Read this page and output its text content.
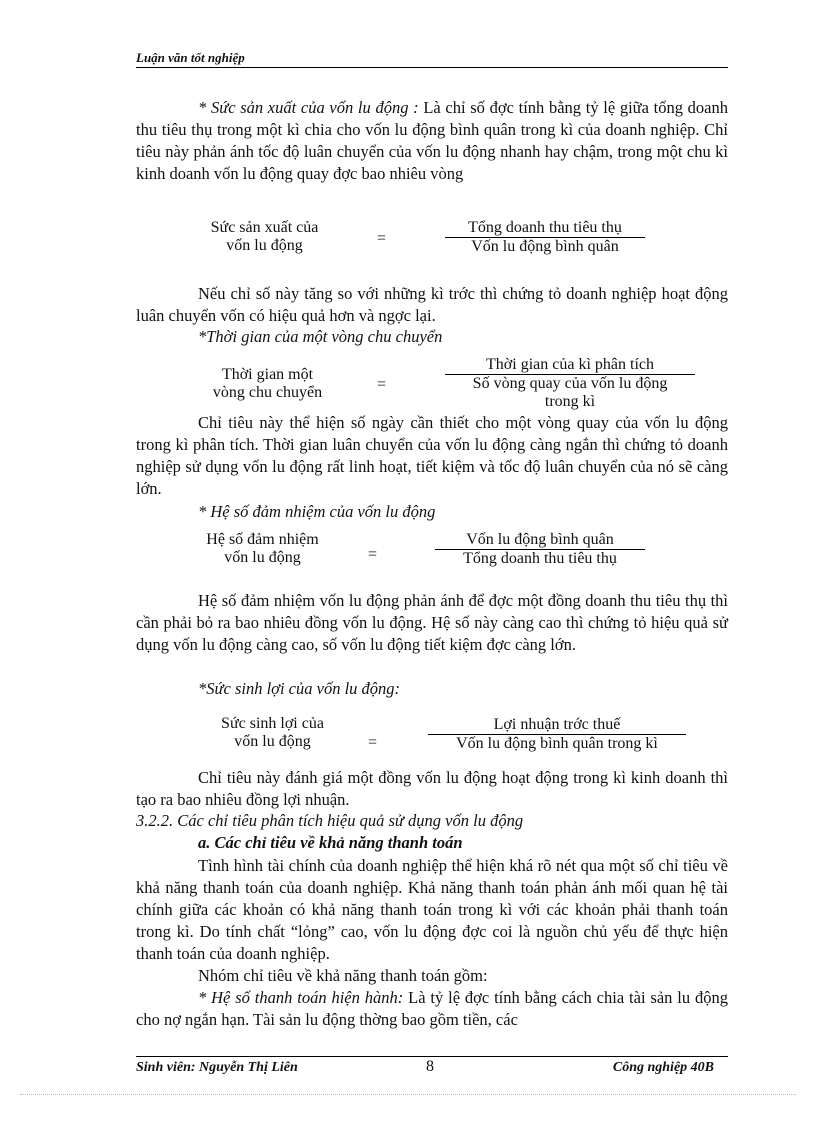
Luận văn tốt nghiệp

* Sức sản xuất của vốn lu động : Là chỉ số đợc tính bằng tỷ lệ giữa tổng doanh thu tiêu thụ trong một kì chia cho vốn lu động bình quân trong kì của doanh nghiệp. Chỉ tiêu này phản ánh tốc độ luân chuyển của vốn lu động nhanh hay chậm, trong một chu kì kinh doanh vốn lu động quay đợc bao nhiêu vòng

Sức sản xuất của
vốn lu động	=
Tổng doanh thu tiêu thụ
Vốn lu động bình quân

Nếu chỉ số này tăng so với những kì trớc thì chứng tỏ doanh nghiệp hoạt động luân chuyển vốn có hiệu quả hơn và ngợc lại.

*Thời gian của một vòng chu chuyển
Thời gian một
vòng chu chuyển	=
Thời gian của kì phân tích
Số vòng quay của vốn lu động
trong kì

Chỉ tiêu này thể hiện số ngày cần thiết cho một vòng quay của vốn lu động trong kì phân tích. Thời gian luân chuyển của vốn lu động càng ngắn thì chứng tỏ doanh nghiệp sử dụng vốn lu động rất linh hoạt, tiết kiệm và tốc độ luân chuyển của nó sẽ càng lớn.

* Hệ số đảm nhiệm của vốn lu động
Hệ số đảm nhiệm
vốn lu động	=
Vốn lu động bình quân
Tổng doanh thu tiêu thụ

Hệ số đảm nhiệm vốn lu động phản ánh để đợc một đồng doanh thu tiêu thụ thì cần phải bỏ ra bao nhiêu đồng vốn lu động. Hệ số này càng cao thì chứng tỏ hiệu quả sử dụng vốn lu động càng cao, số vốn lu động tiết kiệm đợc càng lớn.

*Sức sinh lợi của vốn lu động:
Sức sinh lợi của
vốn lu động	=
Lợi nhuận trớc thuế
Vốn lu động bình quân trong kì

Chỉ tiêu này đánh giá một đồng vốn lu động hoạt động trong kì kinh doanh thì tạo ra bao nhiêu đồng lợi nhuận.

3.2.2. Các chỉ tiêu phân tích hiệu quả sử dụng vốn lu động
a. Các chỉ tiêu về khả năng thanh toán

Tình hình tài chính của doanh nghiệp thể hiện khá rõ nét qua một số chỉ tiêu về khả năng thanh toán của doanh nghiệp. Khả năng thanh toán phản ánh mối quan hệ tài chính giữa các khoản có khả năng thanh toán trong kì với các khoản phải thanh toán trong kì. Do tính chất “lỏng” cao, vốn lu động đợc coi là nguồn chủ yếu để thực hiện thanh toán của doanh nghiệp.

Nhóm chỉ tiêu về khả năng thanh toán gồm:

* Hệ số thanh toán hiện hành: Là tỷ lệ đợc tính bằng cách chia tài sản lu động cho nợ ngắn hạn. Tài sản lu động thờng bao gồm tiền, các

Sinh viên: Nguyễn Thị Liên	8	Công nghiệp 40B
